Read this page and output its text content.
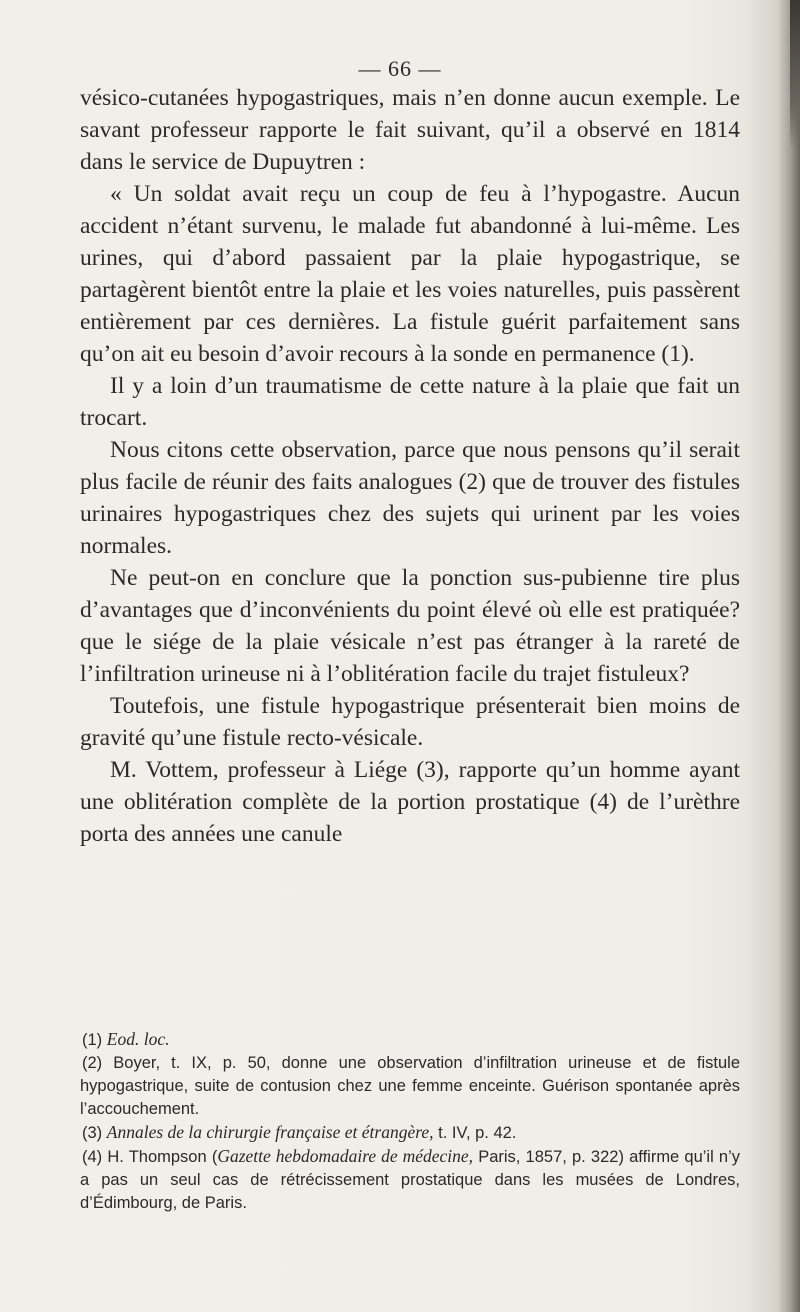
— 66 —

vésico-cutanées hypogastriques, mais n’en donne aucun exemple. Le savant professeur rapporte le fait suivant, qu’il a observé en 1814 dans le service de Dupuytren :

« Un soldat avait reçu un coup de feu à l’hypogastre. Aucun accident n’étant survenu, le malade fut abandonné à lui-même. Les urines, qui d’abord passaient par la plaie hypogastrique, se partagèrent bientôt entre la plaie et les voies naturelles, puis passèrent entièrement par ces dernières. La fistule guérit parfaitement sans qu’on ait eu besoin d’avoir recours à la sonde en permanence (1).

Il y a loin d’un traumatisme de cette nature à la plaie que fait un trocart.

Nous citons cette observation, parce que nous pensons qu’il serait plus facile de réunir des faits analogues (2) que de trouver des fistules urinaires hypogastriques chez des sujets qui urinent par les voies normales.

Ne peut-on en conclure que la ponction sus-pubienne tire plus d’avantages que d’inconvénients du point élevé où elle est pratiquée? que le siége de la plaie vésicale n’est pas étranger à la rareté de l’infiltration urineuse ni à l’oblitération facile du trajet fistuleux?

Toutefois, une fistule hypogastrique présenterait bien moins de gravité qu’une fistule recto-vésicale.

M. Vottem, professeur à Liége (3), rapporte qu’un homme ayant une oblitération complète de la portion prostatique (4) de l’urèthre porta des années une canule

(1) Eod. loc.

(2) Boyer, t. IX, p. 50, donne une observation d’infiltration urineuse et de fistule hypogastrique, suite de contusion chez une femme enceinte. Guérison spontanée après l’accouchement.

(3) Annales de la chirurgie française et étrangère, t. IV, p. 42.

(4) H. Thompson (Gazette hebdomadaire de médecine, Paris, 1857, p. 322) affirme qu’il n’y a pas un seul cas de rétrécissement prostatique dans les musées de Londres, d’Édimbourg, de Paris.
